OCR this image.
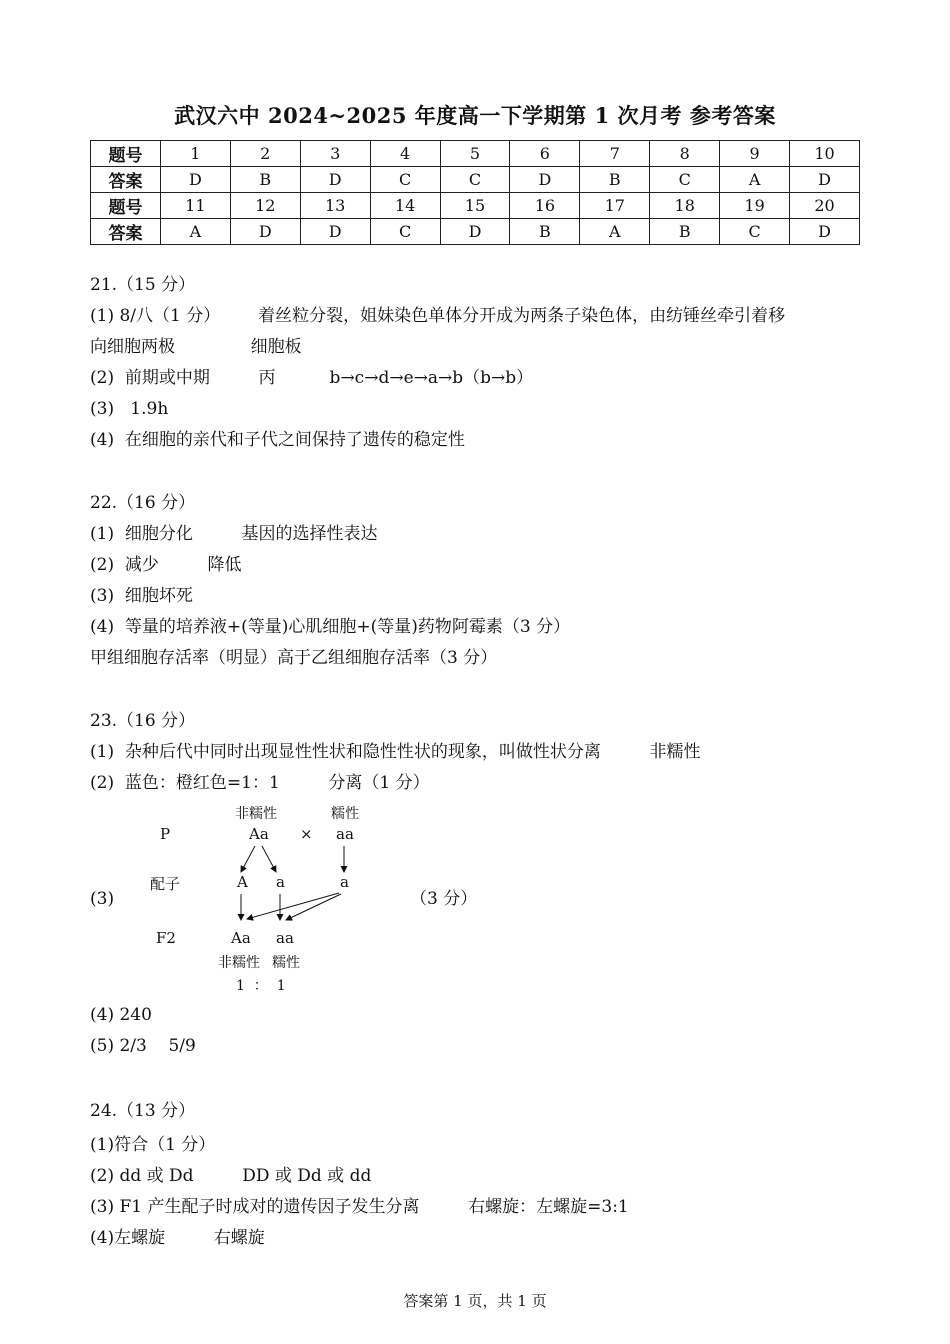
武汉六中 2024~2025 年度高一下学期第 1 次月考 参考答案
题号	1	2	3	4	5	6	7	8	9	10
答案	D	B	D	C	C	D	B	C	A	D
题号	11	12	13	14	15	16	17	18	19	20
答案	A	D	D	C	D	B	A	B	C	D
21.（15 分）
(1) 8/八（1 分）       着丝粒分裂，姐妹染色单体分开成为两条子染色体，由纺锤丝牵引着移
向细胞两极              细胞板
(2)  前期或中期         丙          b→c→d→e→a→b（b→b）
(3)   1.9h
(4)  在细胞的亲代和子代之间保持了遗传的稳定性
22.（16 分）
(1)  细胞分化         基因的选择性表达
(2)  减少         降低
(3)  细胞坏死
(4)  等量的培养液+(等量)心肌细胞+(等量)药物阿霉素（3 分）
甲组细胞存活率（明显）高于乙组细胞存活率（3 分）
23.（16 分）
(1)  杂种后代中同时出现显性性状和隐性性状的现象，叫做性状分离         非糯性
(2)  蓝色：橙红色=1：1         分离（1 分）
(3)	（3 分）
非糯性	糯性
P	Aa × aa
配子	A a	a
F2	Aa aa
非糯性 糯性
1  ：  1
(4) 240
(5) 2/3    5/9
24.（13 分）
(1)符合（1 分）
(2) dd 或 Dd         DD 或 Dd 或 dd
(3) F1 产生配子时成对的遗传因子发生分离         右螺旋：左螺旋=3:1
(4)左螺旋         右螺旋
答案第 1 页，共 1 页
